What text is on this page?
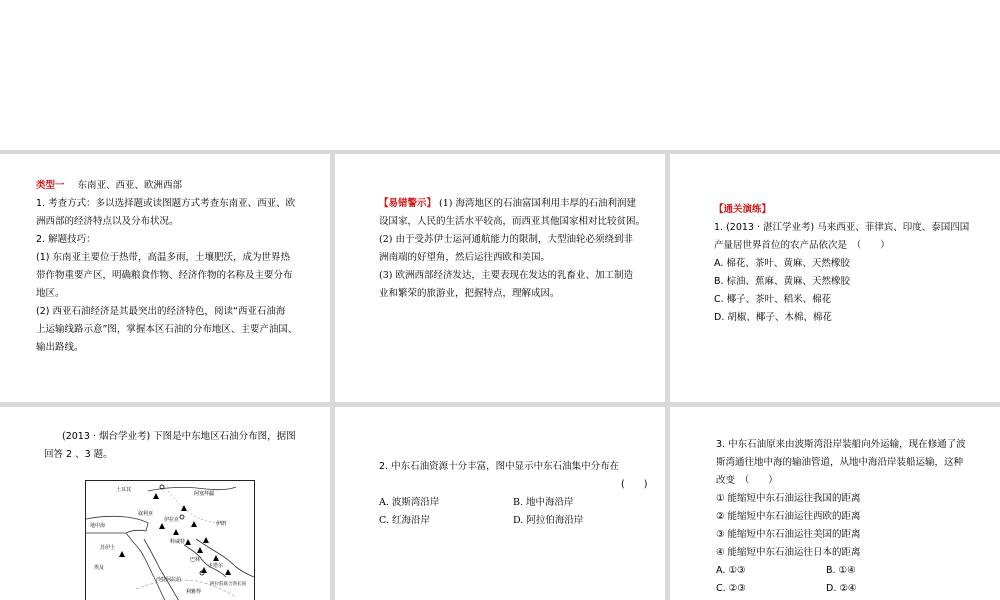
类型一 东南亚、西亚、欧洲西部
1. 考查方式：多以选择题或读图题方式考查东南亚、西亚、欧
洲西部的经济特点以及分布状况。
2. 解题技巧：
(1) 东南亚主要位于热带，高温多雨，土壤肥沃，成为世界热
带作物重要产区，明确粮食作物、经济作物的名称及主要分布
地区。
(2) 西亚石油经济是其最突出的经济特色，阅读“西亚石油海
上运输线路示意”图，掌握本区石油的分布地区、主要产油国、
输出路线。
【易错警示】 (1) 海湾地区的石油富国利用丰厚的石油利润建
设国家，人民的生活水平较高，而西亚其他国家相对比较贫困。
(2) 由于受苏伊士运河通航能力的限制，大型油轮必须绕到非
洲南端的好望角，然后运往西欧和美国。
(3) 欧洲西部经济发达，主要表现在发达的乳畜业、加工制造
业和繁荣的旅游业，把握特点，理解成因。
【通关演练】
1. (2013 · 湛江学业考) 马来西亚、菲律宾、印度、泰国四国
产量居世界首位的农产品依次是　（　　）
A. 棉花、茶叶、黄麻、天然橡胶
B. 棕油、蕉麻、黄麻、天然橡胶
C. 椰子、茶叶、稻米、棉花
D. 胡椒、椰子、木棉、棉花
(2013 · 烟台学业考) 下图是中东地区石油分布图，据图
回答 2 、3 题。
土耳其
阿塞拜疆
叙利亚
伊拉克
伊朗
地中海
埃及
科威特
苏伊士
沙特阿拉伯
巴林
卡塔尔
阿拉伯联合酋长国
利雅得
2. 中东石油资源十分丰富，图中显示中东石油集中分布在
(　　)
A. 波斯湾沿岸	B. 地中海沿岸
C. 红海沿岸	D. 阿拉伯海沿岸
3. 中东石油原来由波斯湾沿岸装船向外运输，现在修通了波
斯湾通往地中海的输油管道，从地中海沿岸装船运输，这种
改变　（　　）
① 能缩短中东石油运往我国的距离
② 能缩短中东石油运往西欧的距离
③ 能缩短中东石油运往美国的距离
④ 能缩短中东石油运往日本的距离
A. ①③	B. ①④
C. ②③	D. ②④
